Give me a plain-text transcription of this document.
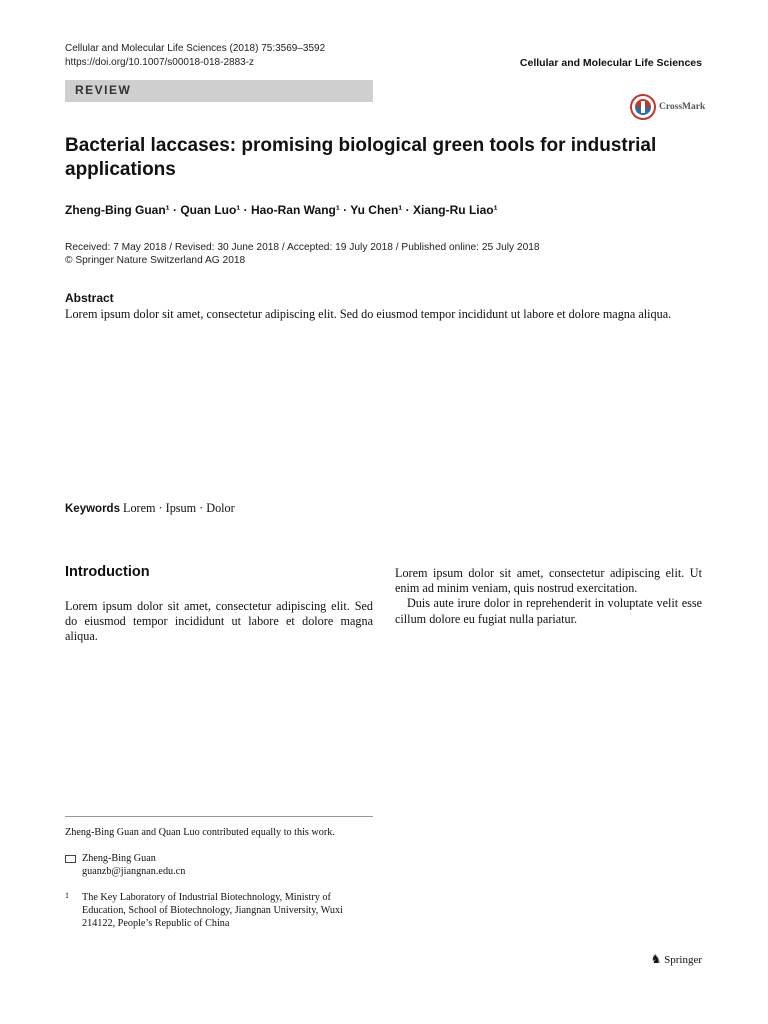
Cellular and Molecular Life Sciences (2018) 75:3569–3592
https://doi.org/10.1007/s00018-018-2883-z	Cellular and Molecular Life Sciences
REVIEW
CrossMark
Bacterial laccases: promising biological green tools for industrial applications
Zheng-Bing Guan¹ · Quan Luo¹ · Hao-Ran Wang¹ · Yu Chen¹ · Xiang-Ru Liao¹
Received: 7 May 2018 / Revised: 30 June 2018 / Accepted: 19 July 2018 / Published online: 25 July 2018
© Springer Nature Switzerland AG 2018
Abstract
Lorem ipsum dolor sit amet, consectetur adipiscing elit. Sed do eiusmod tempor incididunt ut labore et dolore magna aliqua.
Keywords Lorem · Ipsum · Dolor
Introduction
Lorem ipsum dolor sit amet, consectetur adipiscing elit. Sed do eiusmod tempor incididunt ut labore et dolore magna aliqua.
Lorem ipsum dolor sit amet, consectetur adipiscing elit. Ut enim ad minim veniam, quis nostrud exercitation.
Duis aute irure dolor in reprehenderit in voluptate velit esse cillum dolore eu fugiat nulla pariatur.
Zheng-Bing Guan and Quan Luo contributed equally to this work.
Zheng-Bing Guan
guanzb@jiangnan.edu.cn
1 The Key Laboratory of Industrial Biotechnology, Ministry of Education, School of Biotechnology, Jiangnan University, Wuxi 214122, People’s Republic of China
♞ Springer
